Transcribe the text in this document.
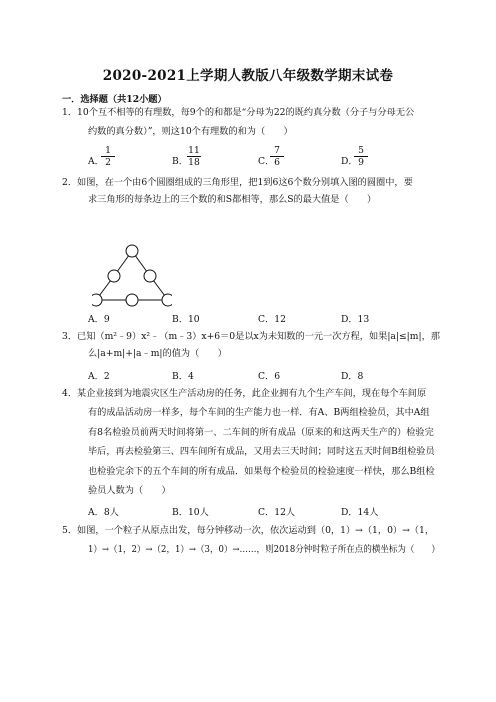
2020-2021上学期人教版八年级数学期末试卷
一．选择题（共12小题）
1．10个互不相等的有理数，每9个的和都是“分母为22的既约真分数（分子与分母无公
约数的真分数）”，则这10个有理数的和为（　　）
A．
1
2	B．
11
18	C．
7
6	D．
5
9
2．如图，在一个由6个圆圈组成的三角形里，把1到6这6个数分别填入图的圆圈中，要
求三角形的每条边上的三个数的和S都相等，那么S的最大值是（　　）
A．9	B．10	C．12	D．13
3．已知（m²﹣9）x²﹣（m﹣3）x+6＝0是以x为未知数的一元一次方程，如果|a|≤|m|，那
么|a+m|+|a﹣m|的值为（　　）
A．2	B．4	C．6	D．8
4．某企业接到为地震灾区生产活动房的任务，此企业拥有九个生产车间，现在每个车间原
有的成品活动房一样多，每个车间的生产能力也一样．有A、B两组检验员，其中A组
有8名检验员前两天时间将第一、二车间的所有成品（原来的和这两天生产的）检验完
毕后，再去检验第三、四车间所有成品，又用去三天时间；同时这五天时间B组检验员
也检验完余下的五个车间的所有成品．如果每个检验员的检验速度一样快，那么B组检
验员人数为（　　）
A．8人	B．10人	C．12人	D．14人
5．如图，一个粒子从原点出发，每分钟移动一次，依次运动到（0，1）→（1，0）→（1，
1）→（1，2）→（2，1）→（3，0）→……，则2018分钟时粒子所在点的横坐标为（　　）
